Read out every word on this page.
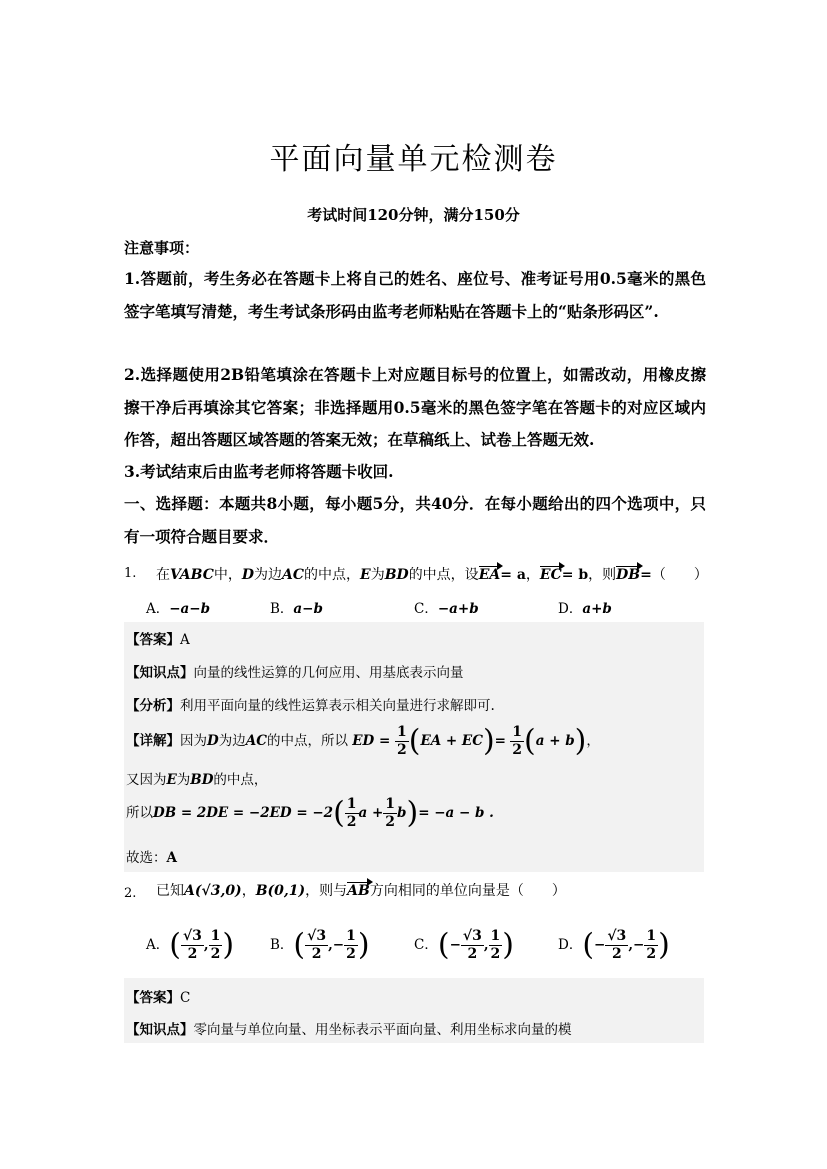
平面向量单元检测卷
考试时间120分钟，满分150分
注意事项：
1.答题前，考生务必在答题卡上将自己的姓名、座位号、准考证号用0.5毫米的黑色签字笔填写清楚，考生考试条形码由监考老师粘贴在答题卡上的“贴条形码区”.
2.选择题使用2B铅笔填涂在答题卡上对应题目标号的位置上，如需改动，用橡皮擦擦干净后再填涂其它答案；非选择题用0.5毫米的黑色签字笔在答题卡的对应区域内作答，超出答题区域答题的答案无效；在草稿纸上、试卷上答题无效.
3.考试结束后由监考老师将答题卡收回.
一、选择题：本题共8小题，每小题5分，共40分．在每小题给出的四个选项中，只有一项符合题目要求．
1. 在VABC中，D为边AC的中点，E为BD的中点，设EA= a，EC= b，则DB=（　　）
A．−a−b	B．a−b	C．−a+b	D．a+b
【答案】A
【知识点】向量的线性运算的几何应用、用基底表示向量
【分析】利用平面向量的线性运算表示相关向量进行求解即可.
【详解】因为D为边AC的中点，所以 ED = $\frac{1}{2} (EA + EC)= \frac{1}{2} (a + b)$，
又因为E为BD的中点，
所以DB = $2DE = -2ED = -2( \frac{1}{2}$ $a + \frac{1}{2} b)= -a - b$ .
故选：A
2. 已知A(√3,0)，B(0,1)，则与AB方向相同的单位向量是（　　）
A．( $\frac{√3}{2}$ , $\frac{1}{2}$ )	B．( $\frac{√3}{2}$ ,− $\frac{1}{2}$ )	C．(− $\frac{√3}{2}$ , $\frac{1}{2}$ )	D．(− $\frac{√3}{2}$ ,− $\frac{1}{2}$ )
【答案】C
【知识点】零向量与单位向量、用坐标表示平面向量、利用坐标求向量的模
